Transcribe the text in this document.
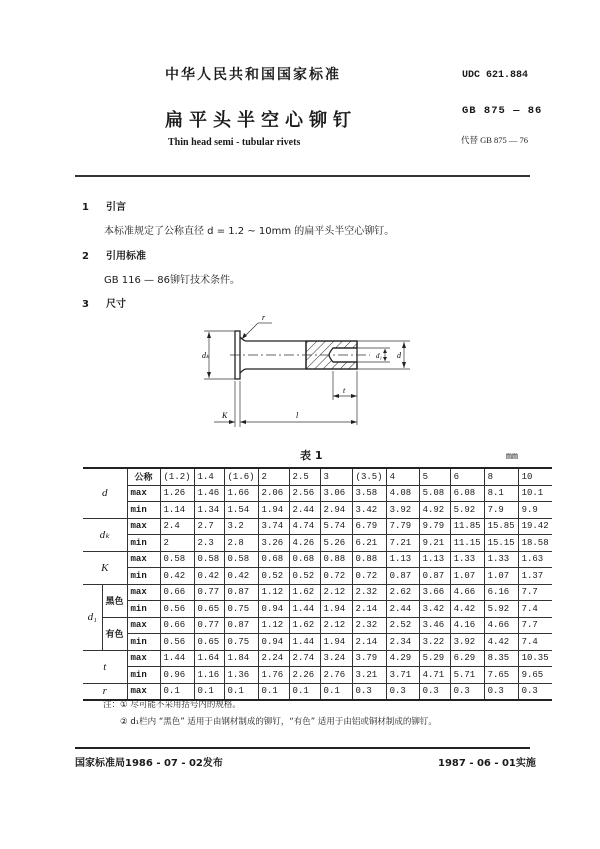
中华人民共和国国家标准
扁平头半空心铆钉
Thin head semi - tubular rivets
UDC 621.884
GB 875 — 86
代替 GB 875 — 76
1 引言
本标准规定了公称直径 d = 1.2 ~ 10mm 的扁平头半空心铆钉。
2 引用标准
GB 116 — 86铆钉技术条件。
3 尺寸
r
dₖ	d₁ d
t
K	l
表 1	mm
d		公称	(1.2)	1.4	(1.6)	2	2.5	3	(3.5)	4	5	6	8	10
		max	1.26	1.46	1.66	2.06	2.56	3.06	3.58	4.08	5.08	6.08	8.1	10.1
		min	1.14	1.34	1.54	1.94	2.44	2.94	3.42	3.92	4.92	5.92	7.9	9.9
dₖ		max	2.4	2.7	3.2	3.74	4.74	5.74	6.79	7.79	9.79	11.85	15.85	19.42
		min	2	2.3	2.8	3.26	4.26	5.26	6.21	7.21	9.21	11.15	15.15	18.58
K		max	0.58	0.58	0.58	0.68	0.68	0.88	0.88	1.13	1.13	1.33	1.33	1.63
		min	0.42	0.42	0.42	0.52	0.52	0.72	0.72	0.87	0.87	1.07	1.07	1.37
d₁	黑色	max	0.66	0.77	0.87	1.12	1.62	2.12	2.32	2.62	3.66	4.66	6.16	7.7
		min	0.56	0.65	0.75	0.94	1.44	1.94	2.14	2.44	3.42	4.42	5.92	7.4
	有色	max	0.66	0.77	0.87	1.12	1.62	2.12	2.32	2.52	3.46	4.16	4.66	7.7
		min	0.56	0.65	0.75	0.94	1.44	1.94	2.14	2.34	3.22	3.92	4.42	7.4
t		max	1.44	1.64	1.84	2.24	2.74	3.24	3.79	4.29	5.29	6.29	8.35	10.35
		min	0.96	1.16	1.36	1.76	2.26	2.76	3.21	3.71	4.71	5.71	7.65	9.65
r		max	0.1	0.1	0.1	0.1	0.1	0.1	0.3	0.3	0.3	0.3	0.3	0.3
注：① 尽可能不采用括号内的规格。
② d₁栏内 “黑色” 适用于由钢材制成的铆钉，“有色” 适用于由铝或铜材制成的铆钉。
国家标准局1986 - 07 - 02发布	1987 - 06 - 01实施
